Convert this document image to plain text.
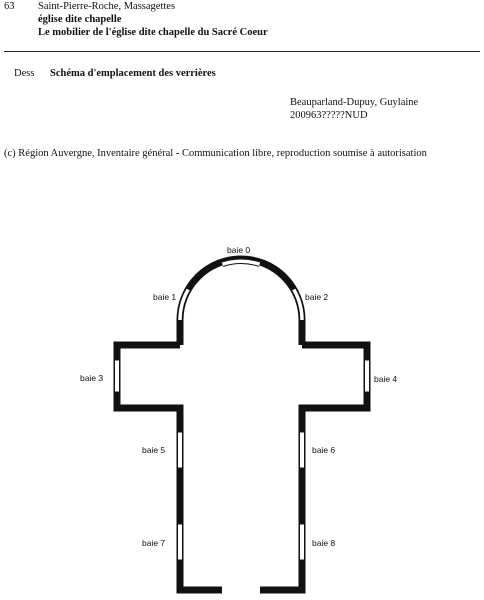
63 Saint-Pierre-Roche, Massagettes
église dite chapelle
Le mobilier de l'église dite chapelle du Sacré Coeur
Dess Schéma d'emplacement des verrières
Beauparland-Dupuy, Guylaine
200963?????NUD
(c) Région Auvergne, Inventaire général - Communication libre, reproduction soumise à autorisation
baie 0
baie 1	baie 2
baie 3	baie 4
baie 5	baie 6
baie 7	baie 8
